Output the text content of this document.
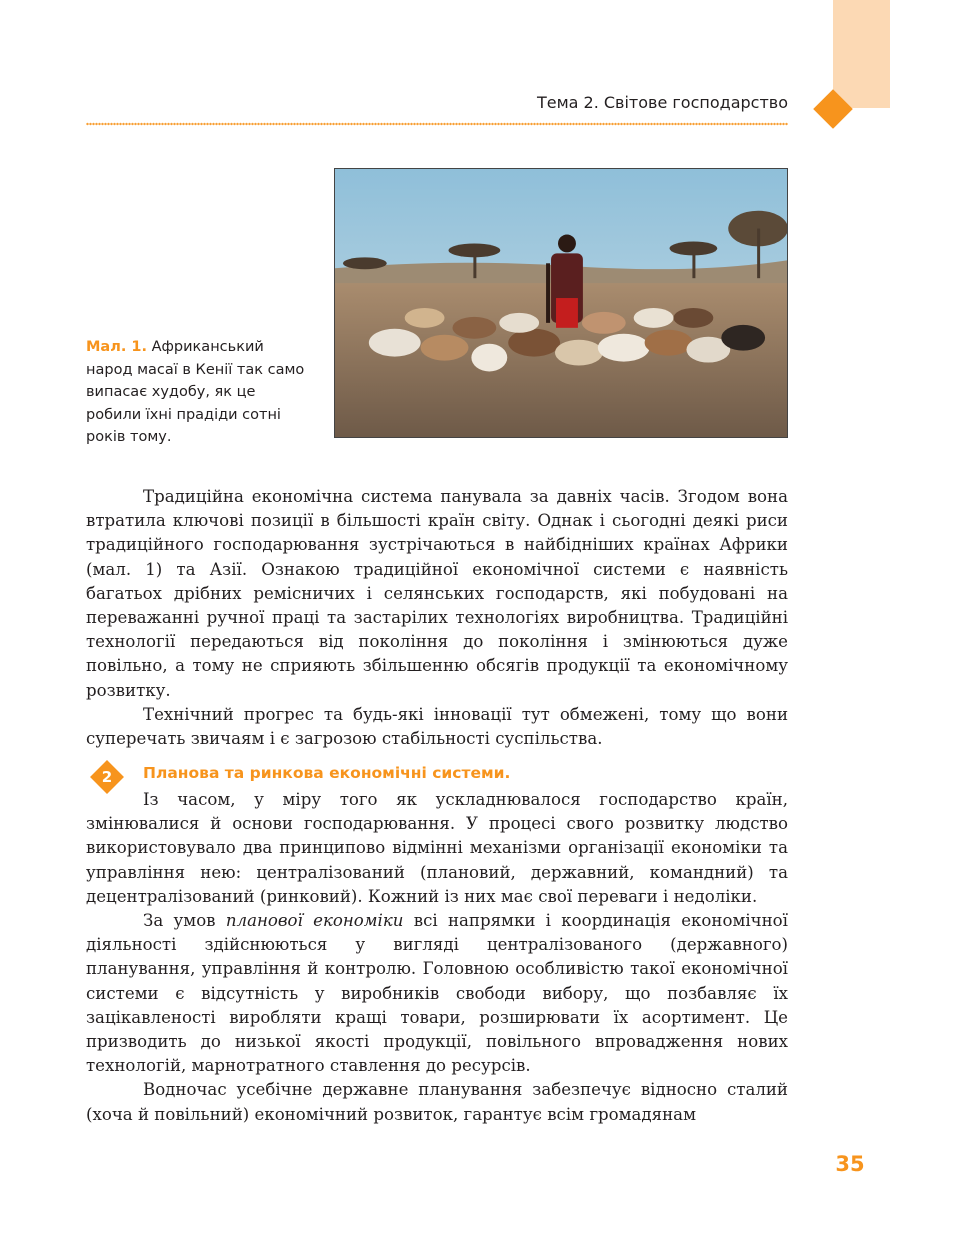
Тема 2. Світове господарство
Мал. 1. Африканський народ масаї в Кенії так само випасає худобу, як це робили їхні прадіди сотні років тому.

Традиційна економічна система панувала за давніх часів. Згодом вона втратила ключові позиції в більшості країн світу. Однак і сьогодні деякі риси традиційного господарювання зустрічаються в найбідніших країнах Африки (мал. 1) та Азії. Ознакою традиційної економічної системи є наявність багатьох дрібних ремісничих і селянських господарств, які побудовані на переважанні ручної праці та застарілих технологіях виробництва. Традиційні технології передаються від покоління до покоління і змінюються дуже повільно, а тому не сприяють збільшенню обсягів продукції та економічному розвитку.

Технічний прогрес та будь-які інновації тут обмежені, тому що вони суперечать звичаям і є загрозою стабільності суспільства.

2	Планова та ринкова економічні системи.

Із часом, у міру того як ускладнювалося господарство країн, змінювалися й основи господарювання. У процесі свого розвитку людство використовувало два принципово відмінні механізми організації економіки та управління нею: централізований (плановий, державний, командний) та децентралізований (ринковий). Кожний із них має свої переваги і недоліки.

За умов планової економіки всі напрямки і координація економічної діяльності здійснюються у вигляді централізованого (державного) планування, управління й контролю. Головною особливістю такої економічної системи є відсутність у виробників свободи вибору, що позбавляє їх зацікавленості виробляти кращі товари, розширювати їх асортимент. Це призводить до низької якості продукції, повільного впровадження нових технологій, марнотратного ставлення до ресурсів.

Водночас усебічне державне планування забезпечує відносно сталий (хоча й повільний) економічний розвиток, гарантує всім громадянам

35
